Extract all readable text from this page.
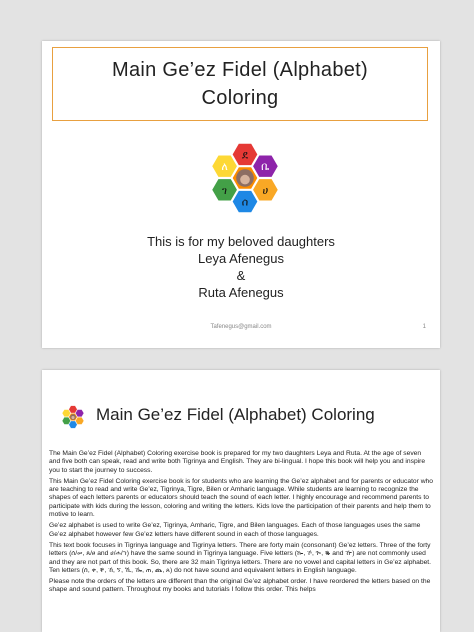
Main Ge’ez Fidel (Alphabet)
Coloring
ደ
ቤ
ሀ
ሰ
ገ
ለ
This is for my beloved daughters
Leya Afenegus
&
Ruta Afenegus
Tafenegus@gmail.com	1
Main Ge’ez Fidel (Alphabet) Coloring

The Main Ge’ez Fidel (Alphabet) Coloring exercise book is prepared for my two daughters Leya and Ruta. At the age of seven and five both can speak, read and write both Tigrinya and English. They are bi-lingual. I hope this book will help you and inspire you to start the journey to success.

This Main Ge’ez Fidel Coloring exercise book is for students who are learning the Ge’ez alphabet and for parents or educator who are teaching to read and write Ge’ez, Tigrinya, Tigre, Bilen or Amharic language. While students are learning to recognize the shapes of each letters parents or educators should teach the sound of each letter. I highly encourage and recommend parents to participate with kids during the lesson, coloring and writing the letters. Kids love the participation of their parents and help them to motive to learn.

Ge’ez alphabet is used to write Ge’ez, Tigrinya, Amharic, Tigre, and Bilen languages. Each of those languages uses the same Ge’ez alphabet however few Ge’ez letters have different sound in each of those languages.

This text book focuses in Tigrinya language and Tigrinya letters. There are forty main (consonant) Ge’ez letters. Three of the forty letters (ሰ/ሠ, ጸ/ፀ and ሀ/ሐ/ኀ) have the same sound in Tigrinya language. Five letters (ኰ, ኾ, ጐ, ቘ and ዅ) are not commonly used and they are not part of this book. So, there are 32 main Tigrinya letters. There are no vowel and capital letters in Ge’ez alphabet. Ten letters (ሰ, ቀ, ቐ, ኸ, ኘ, ኺ, ዀ, ጠ, ጨ, ጰ) do not have sound and equivalent letters in English language.

Please note the orders of the letters are different than the original Ge’ez alphabet order. I have reordered the letters based on the shape and sound pattern. Throughout my books and tutorials I follow this order. This helps
